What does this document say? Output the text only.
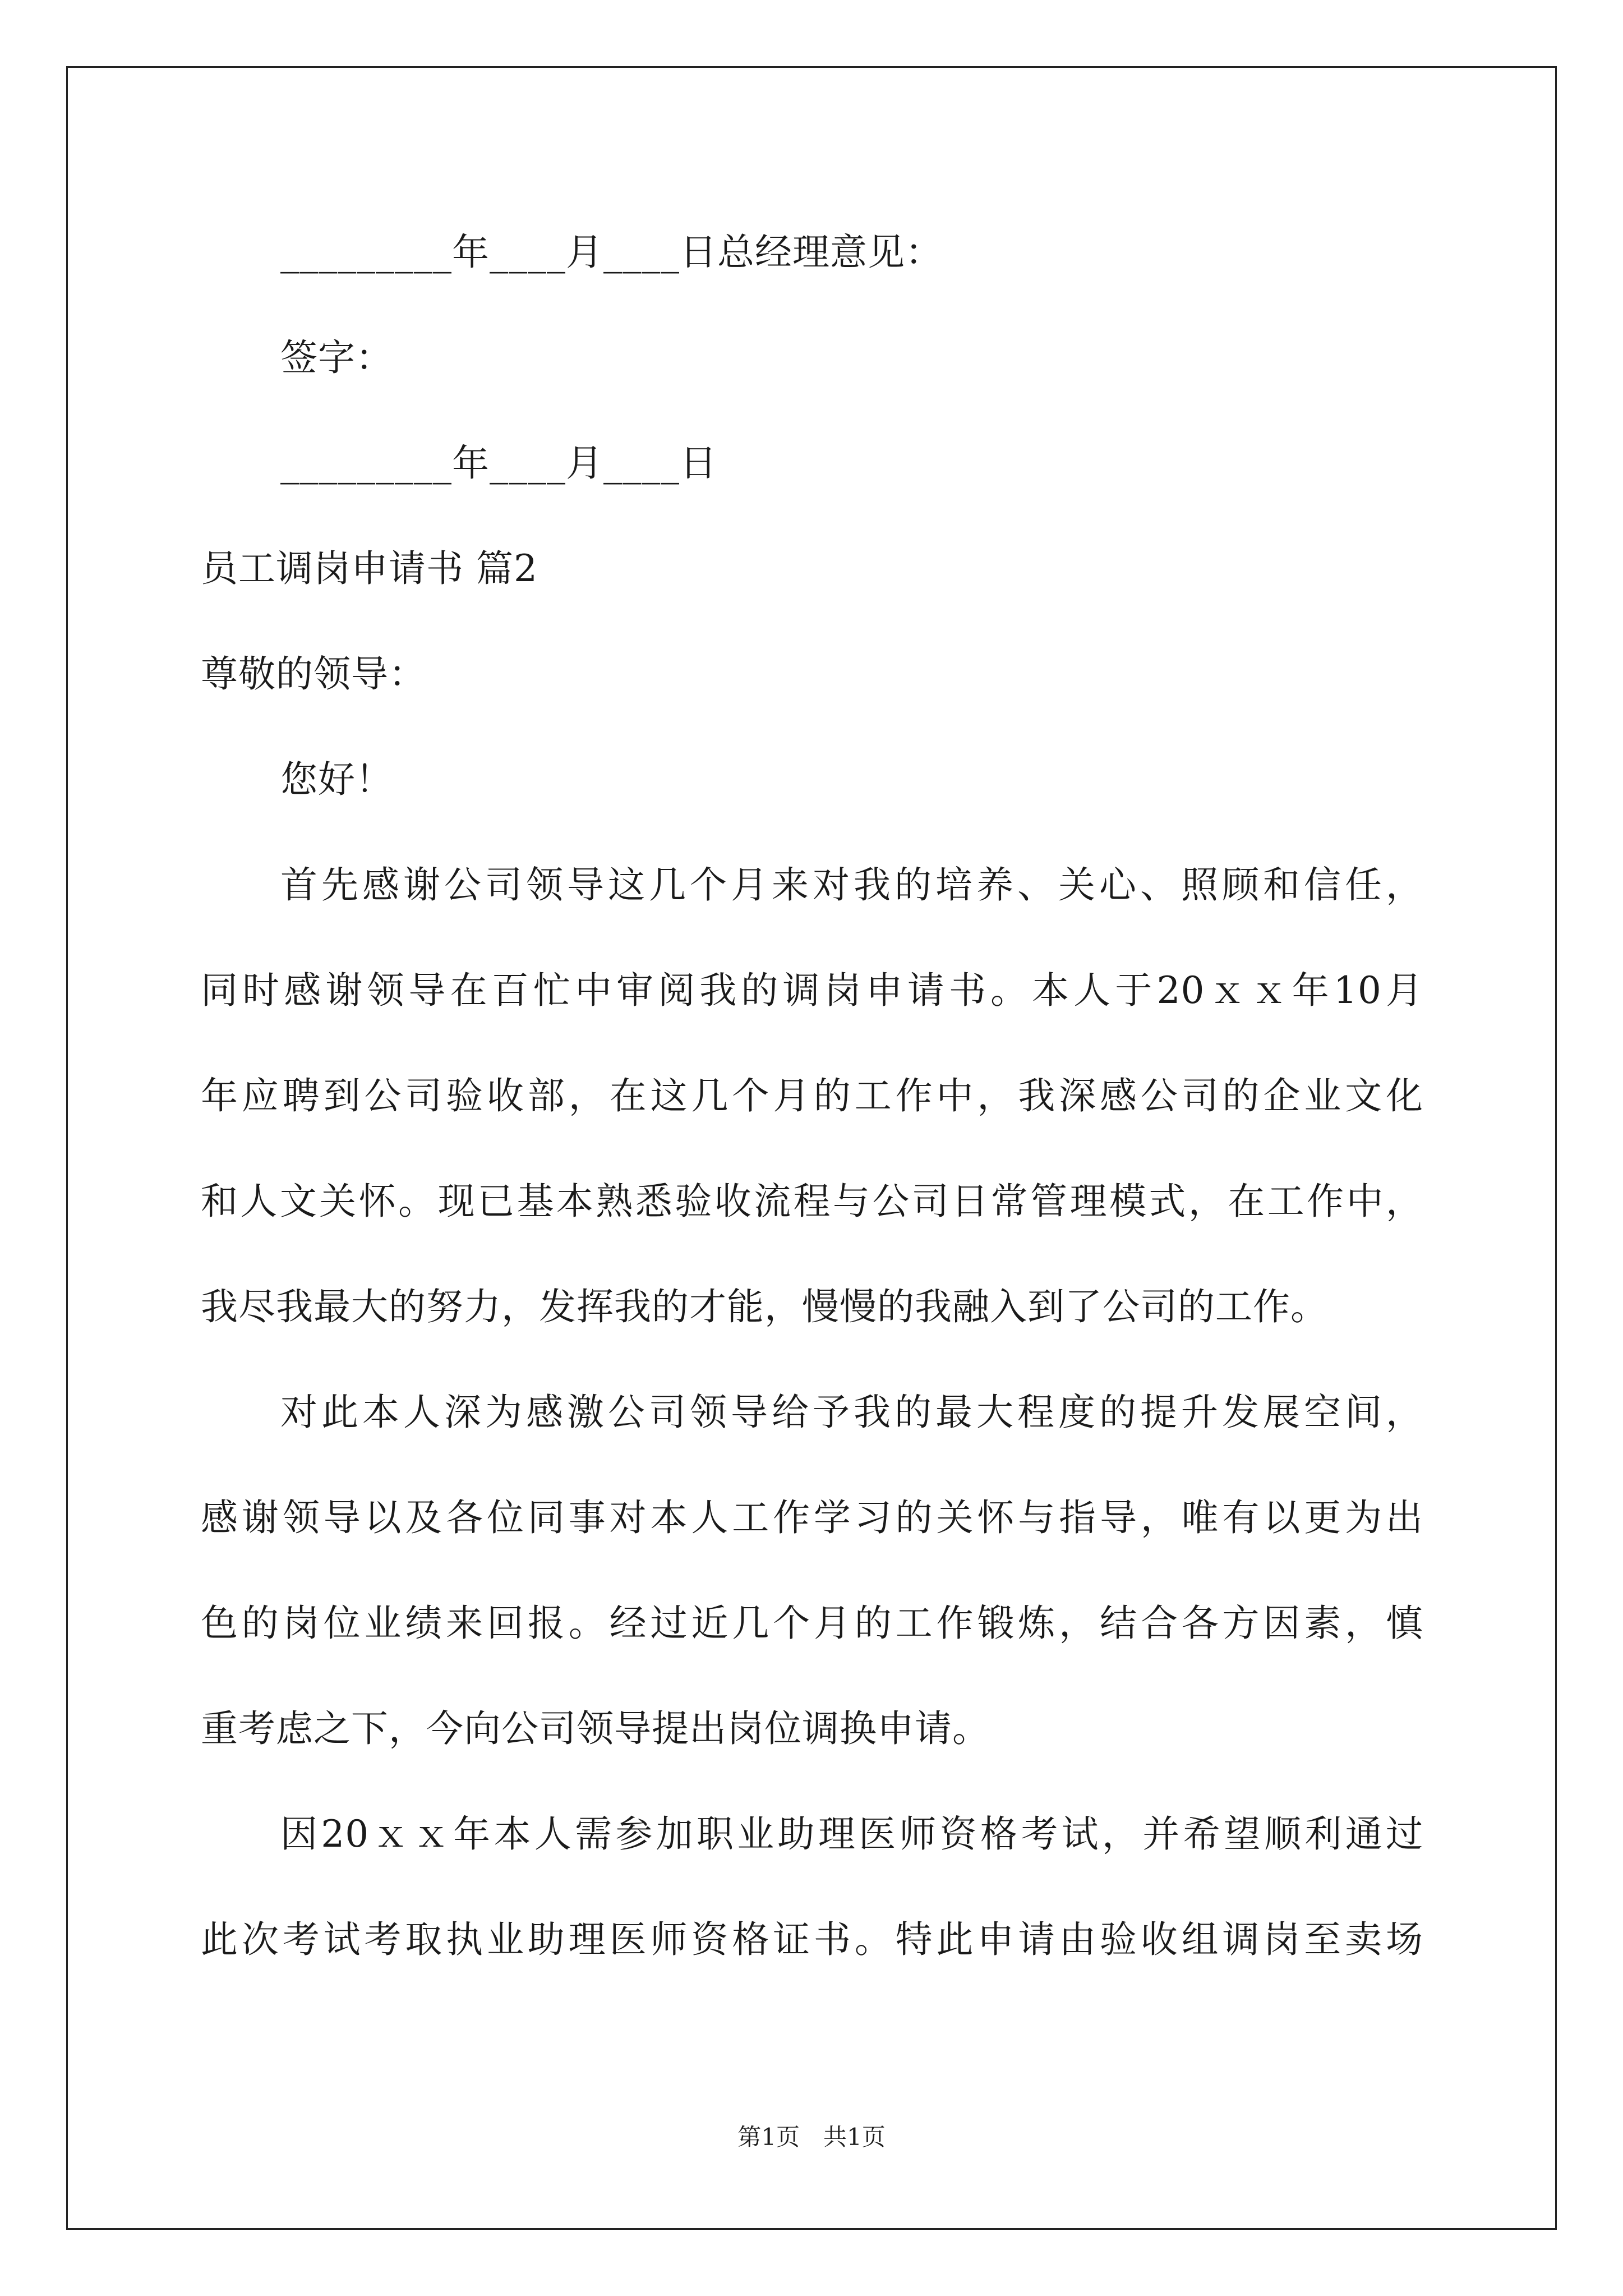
_________年____月____日总经理意见：
签字：
_________年____月____日
员工调岗申请书 篇2
尊敬的领导：
您好！
首先感谢公司领导这几个月来对我的培养、关心、照顾和信任，
同时感谢领导在百忙中审阅我的调岗申请书。本人于20ｘｘ年10月
年应聘到公司验收部，在这几个月的工作中，我深感公司的企业文化
和人文关怀。现已基本熟悉验收流程与公司日常管理模式，在工作中，
我尽我最大的努力，发挥我的才能，慢慢的我融入到了公司的工作。
对此本人深为感激公司领导给予我的最大程度的提升发展空间，
感谢领导以及各位同事对本人工作学习的关怀与指导，唯有以更为出
色的岗位业绩来回报。经过近几个月的工作锻炼，结合各方因素，慎
重考虑之下，今向公司领导提出岗位调换申请。
因20ｘｘ年本人需参加职业助理医师资格考试，并希望顺利通过
此次考试考取执业助理医师资格证书。特此申请由验收组调岗至卖场
第1页　共1页
